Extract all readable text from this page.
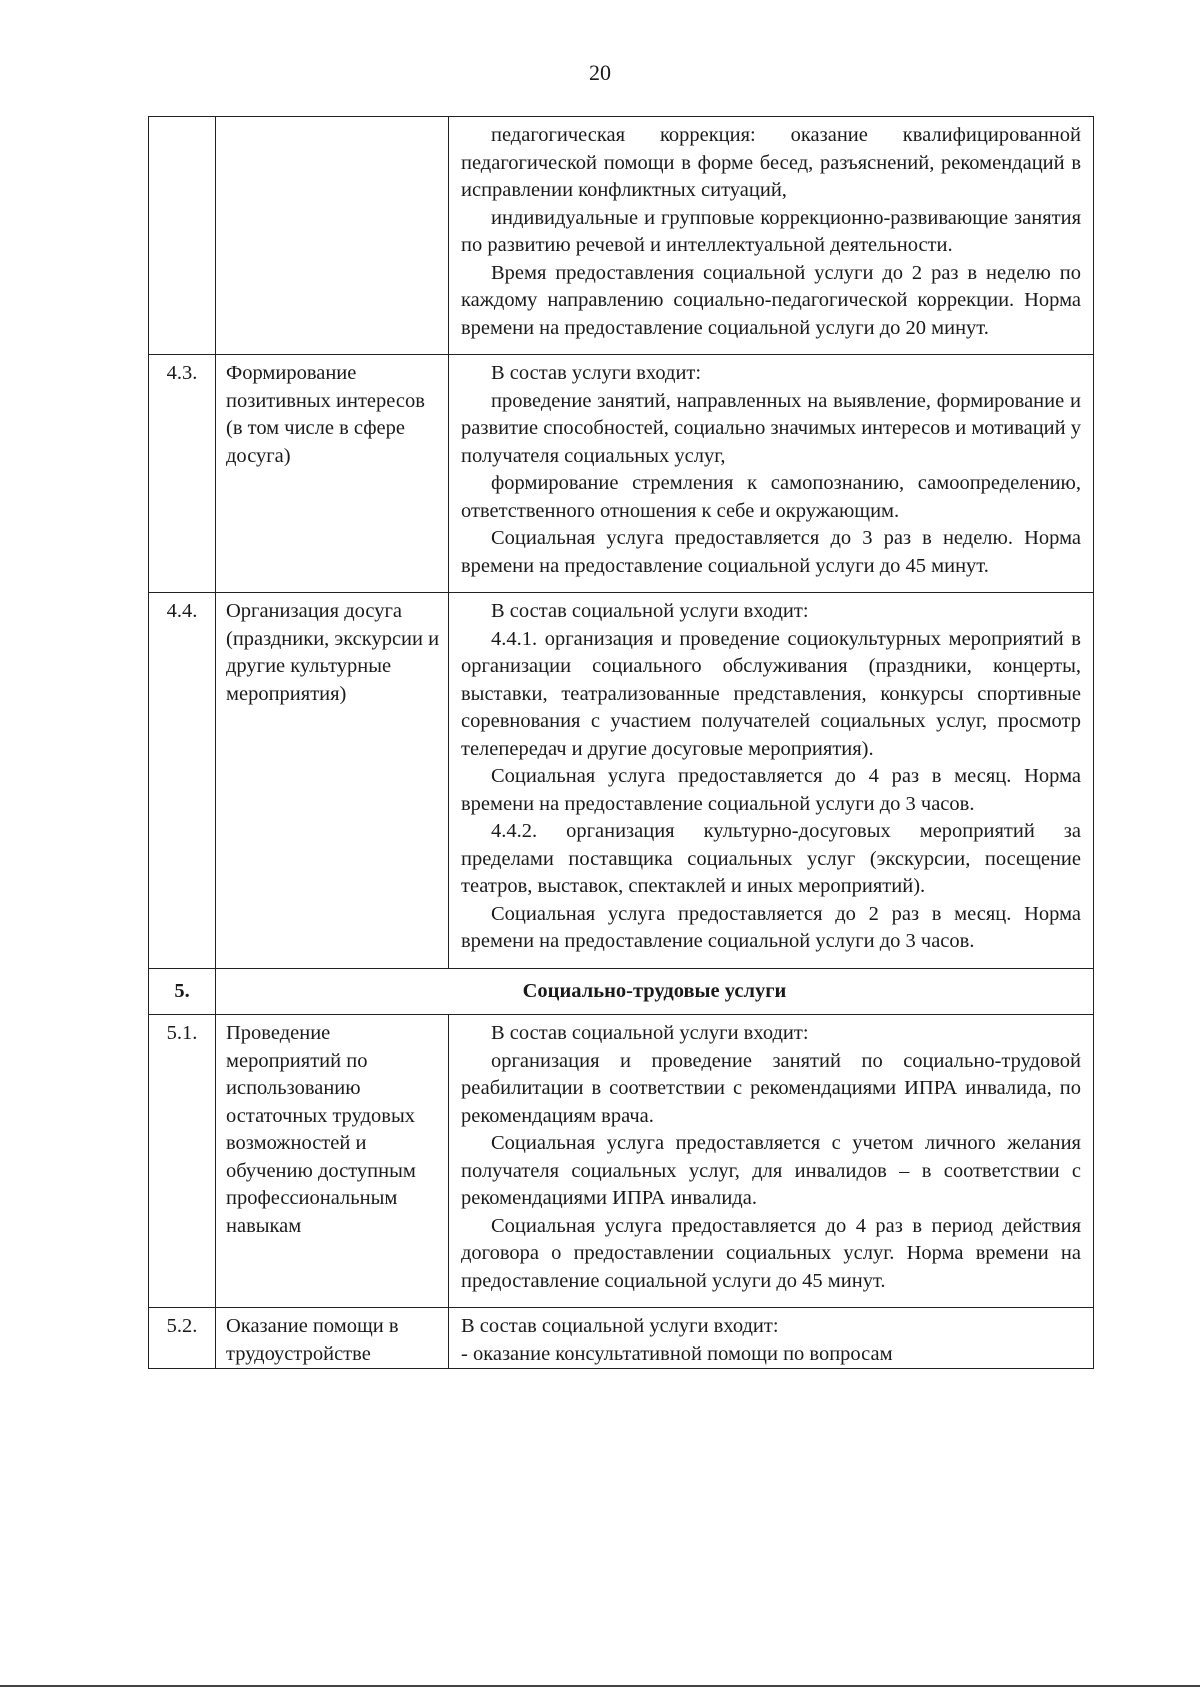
20

		педагогическая коррекция: оказание квалифицированной педагогической помощи в форме бесед, разъяснений, рекомендаций в исправлении конфликтных ситуаций,

индивидуальные и групповые коррекционно-развивающие занятия по развитию речевой и интеллектуальной деятельности.

Время предоставления социальной услуги до 2 раз в неделю по каждому направлению социально-педагогической коррекции. Норма времени на предоставление социальной услуги до 20 минут.

4.3.	Формирование позитивных интересов (в том числе в сфере досуга)	В состав услуги входит:

проведение занятий, направленных на выявление, формирование и развитие способностей, социально значимых интересов и мотиваций у получателя социальных услуг,

формирование стремления к самопознанию, самоопределению, ответственного отношения к себе и окружающим.

Социальная услуга предоставляется до 3 раз в неделю. Норма времени на предоставление социальной услуги до 45 минут.

4.4.	Организация досуга (праздники, экскурсии и другие культурные мероприятия)	В состав социальной услуги входит:

4.4.1. организация и проведение социокультурных мероприятий в организации социального обслуживания (праздники, концерты, выставки, театрализованные представления, конкурсы спортивные соревнования с участием получателей социальных услуг, просмотр телепередач и другие досуговые мероприятия).

Социальная услуга предоставляется до 4 раз в месяц. Норма времени на предоставление социальной услуги до 3 часов.

4.4.2. организация культурно-досуговых мероприятий за пределами поставщика социальных услуг (экскурсии, посещение театров, выставок, спектаклей и иных мероприятий).

Социальная услуга предоставляется до 2 раз в месяц. Норма времени на предоставление социальной услуги до 3 часов.

5.	Социально-трудовые услуги	
5.1.	Проведение мероприятий по использованию остаточных трудовых возможностей и обучению доступным профессиональным навыкам	В состав социальной услуги входит:

организация и проведение занятий по социально-трудовой реабилитации в соответствии с рекомендациями ИПРА инвалида, по рекомендациям врача.

Социальная услуга предоставляется с учетом личного желания получателя социальных услуг, для инвалидов – в соответствии с рекомендациями ИПРА инвалида.

Социальная услуга предоставляется до 4 раз в период действия договора о предоставлении социальных услуг. Норма времени на предоставление социальной услуги до 45 минут.

5.2.	Оказание помощи в трудоустройстве	В состав социальной услуги входит:

- оказание консультативной помощи по вопросам
